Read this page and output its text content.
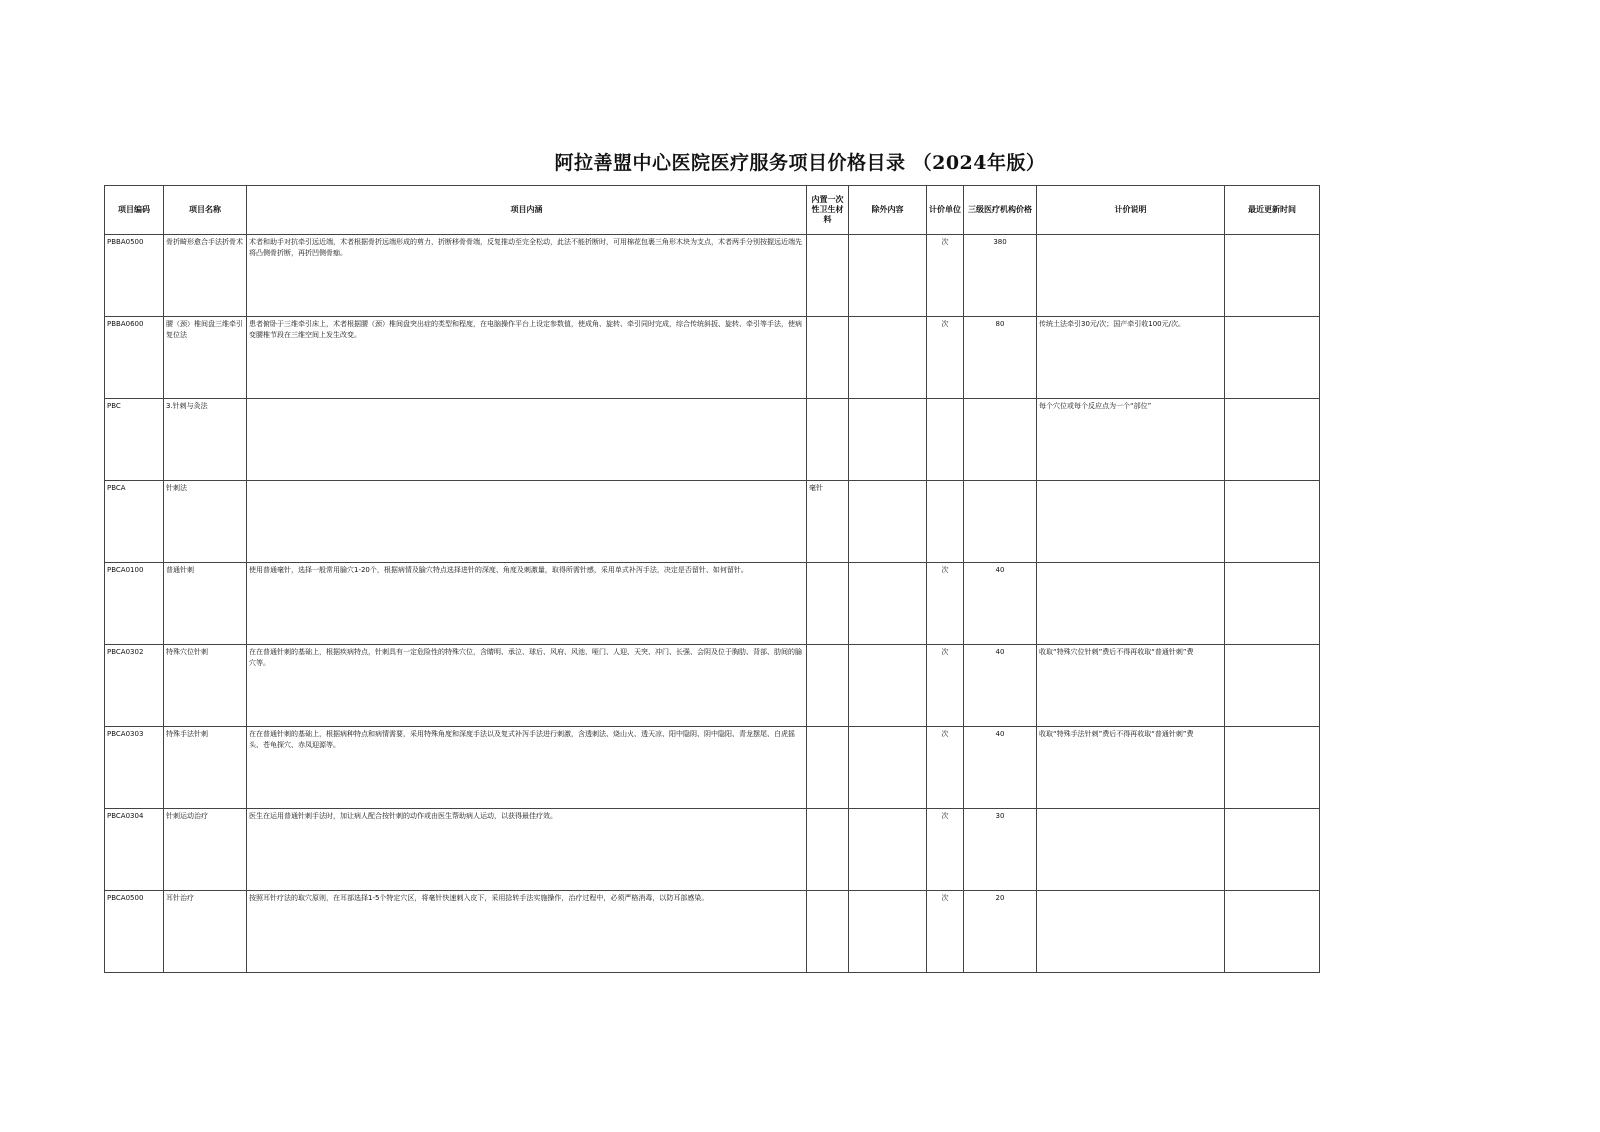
阿拉善盟中心医院医疗服务项目价格目录 （2024年版）
项目编码	项目名称	项目内涵	内置一次性卫生材料	除外内容	计价单位	三级医疗机构价格	计价说明	最近更新时间
PBBA0500	骨折畸形愈合手法折骨术	术者和助手对抗牵引远近端，术者根据骨折远端形成的剪力，折断移骨骨端，反复推动至完全松动，此法不能折断时，可用棉花包裹三角形木块为支点，术者两手分别按握远近端先将凸侧骨折断，再折凹侧骨痂。			次	380		
PBBA0600	腰（颈）椎间盘三维牵引复位法	患者俯卧于三维牵引床上，术者根据腰（颈）椎间盘突出症的类型和程度，在电脑操作平台上设定参数值，使成角、旋转、牵引同时完成，综合传统斜扳、旋转、牵引等手法，使病变腰椎节段在三维空间上发生改变。			次	80	传统土法牵引30元/次；国产牵引收100元/次。	
PBC	3.针刺与灸法						每个穴位或每个反应点为一个“部位”	
PBCA	针刺法		毫针					
PBCA0100	普通针刺	使用普通毫针，选择一般常用腧穴1-20个，根据病情及腧穴特点选择进针的深度、角度及刺激量，取得所需针感，采用单式补泻手法，决定是否留针、如何留针。			次	40		
PBCA0302	特殊穴位针刺	在在普通针刺的基础上，根据疾病特点，针刺具有一定危险性的特殊穴位，含睛明、承泣、球后、风府、风池、哑门、人迎、天突、冲门、长强、会阴及位于胸肋、背部、肋间的腧穴等。			次	40	收取“特殊穴位针刺”费后不得再收取“普通针刺”费	
PBCA0303	特殊手法针刺	在在普通针刺的基础上，根据病种特点和病情需要，采用特殊角度和深度手法以及复式补泻手法进行刺激，含透刺法、烧山火、透天凉、阳中隐阴、阴中隐阳、青龙摆尾、白虎摇头、苍龟探穴、赤凤迎源等。			次	40	收取“特殊手法针刺”费后不得再收取“普通针刺”费	
PBCA0304	针刺运动治疗	医生在运用普通针刺手法时，加让病人配合按针刺的动作或由医生帮助病人运动，以获得最佳疗效。			次	30		
PBCA0500	耳针治疗	按照耳针疗法的取穴原则，在耳部选择1-5个特定穴区，将毫针快速刺入皮下，采用捻转手法实施操作，治疗过程中，必须严格消毒，以防耳部感染。			次	20		
